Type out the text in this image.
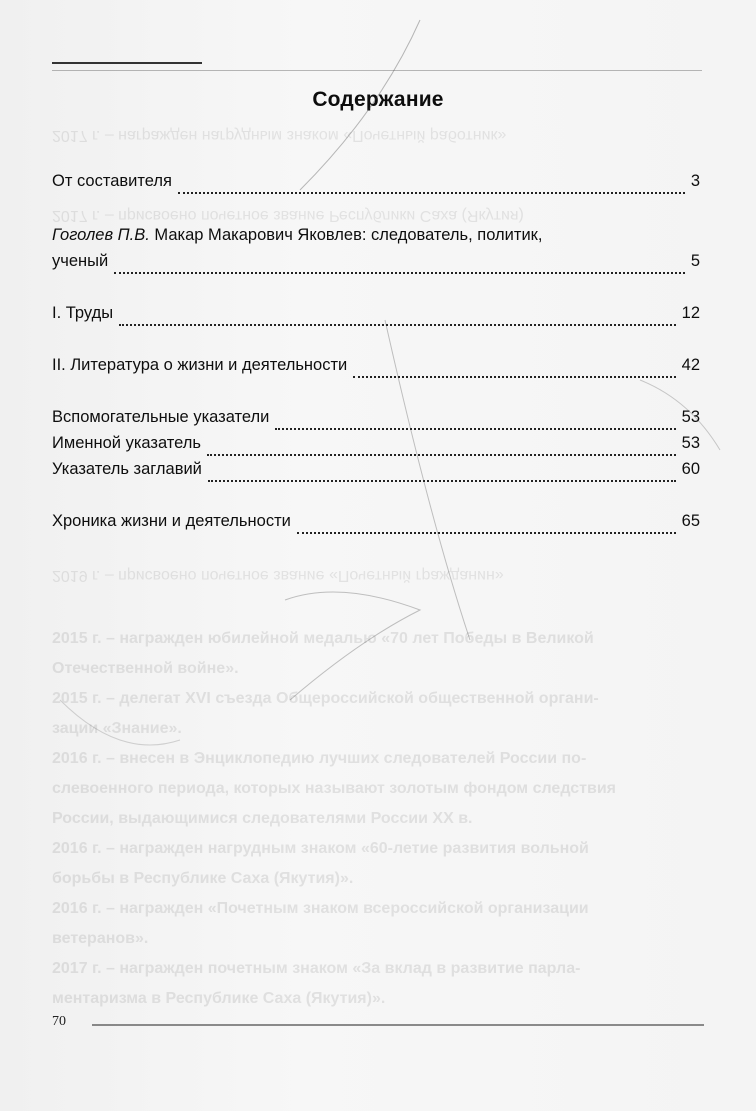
2015 г. – награжден юбилейной медалью «70 лет Победы в Великой
Отечественной войне».
2015 г. – делегат XVI съезда Общероссийской общественной органи-
зации «Знание».
2016 г. – внесен в Энциклопедию лучших следователей России по-
слевоенного периода, которых называют золотым фондом следствия
России, выдающимися следователями России XX в.
2016 г. – награжден нагрудным знаком «60-летие развития вольной
борьбы в Республике Саха (Якутия)».
2016 г. – награжден «Почетным знаком всероссийской организации
ветеранов».
2017 г. – награжден почетным знаком «За вклад в развитие парла-
ментаризма в Республике Саха (Якутия)».
2017 г. – награжден нагрудным знаком «Почетный работник»
2017 г. – присвоено почетное звание Республики Саха (Якутия)
2019 г. – присвоено почетное звание «Почетный гражданин»
Содержание
От составителя	3
Гоголев П.В. Макар Макарович Яковлев: следователь, политик,
ученый	5
I. Труды	12
II. Литература о жизни и деятельности	42
Вспомогательные указатели	53
Именной указатель	53
Указатель заглавий	60
Хроника жизни и деятельности	65
70
